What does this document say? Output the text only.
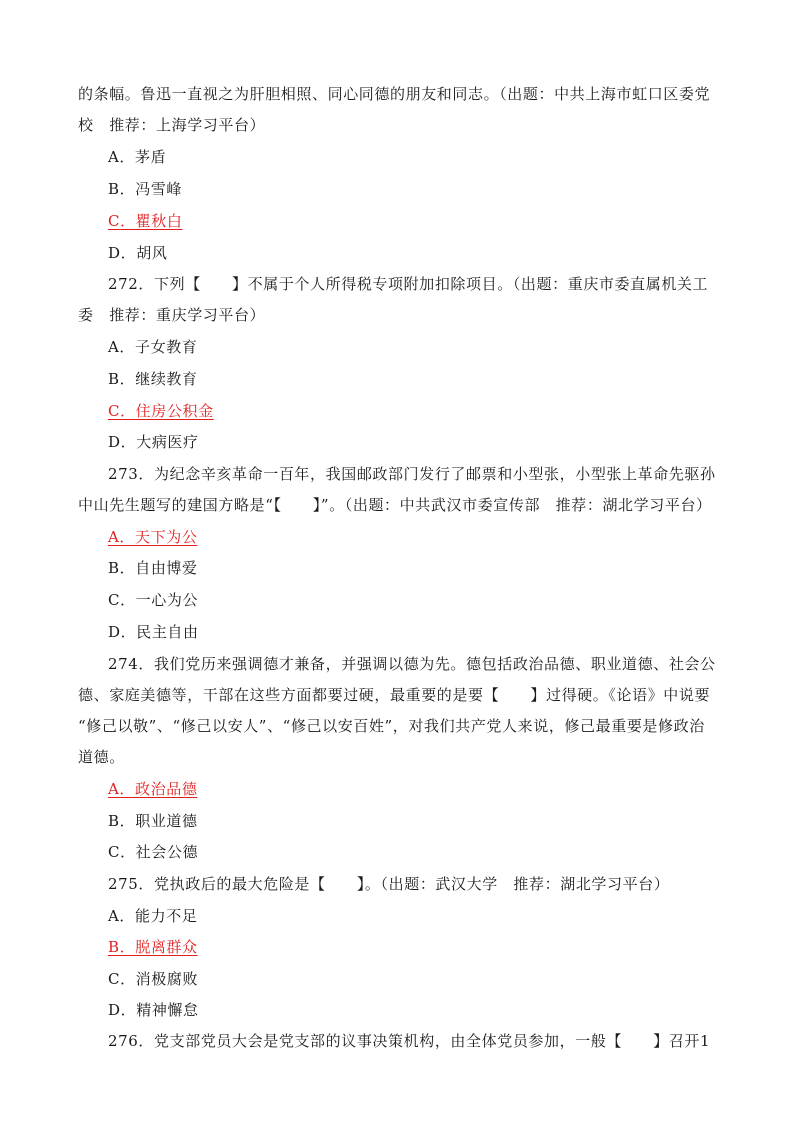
的条幅。鲁迅一直视之为肝胆相照、同心同德的朋友和同志。（出题：中共上海市虹口区委党
校　推荐：上海学习平台）
A．茅盾
B．冯雪峰
C．瞿秋白
D．胡风
272．下列【　　】不属于个人所得税专项附加扣除项目。（出题：重庆市委直属机关工
委　推荐：重庆学习平台）
A．子女教育
B．继续教育
C．住房公积金
D．大病医疗
273．为纪念辛亥革命一百年，我国邮政部门发行了邮票和小型张，小型张上革命先驱孙
中山先生题写的建国方略是“【　　】”。（出题：中共武汉市委宣传部　推荐：湖北学习平台）
A．天下为公
B．自由博爱
C．一心为公
D．民主自由
274．我们党历来强调德才兼备，并强调以德为先。德包括政治品德、职业道德、社会公
德、家庭美德等，干部在这些方面都要过硬，最重要的是要【　　】过得硬。《论语》中说要
“修己以敬”、“修己以安人”、“修己以安百姓”，对我们共产党人来说，修己最重要是修政治
道德。
A．政治品德
B．职业道德
C．社会公德
275．党执政后的最大危险是【　　】。（出题：武汉大学　推荐：湖北学习平台）
A．能力不足
B．脱离群众
C．消极腐败
D．精神懈怠
276．党支部党员大会是党支部的议事决策机构，由全体党员参加，一般【　　】召开1
